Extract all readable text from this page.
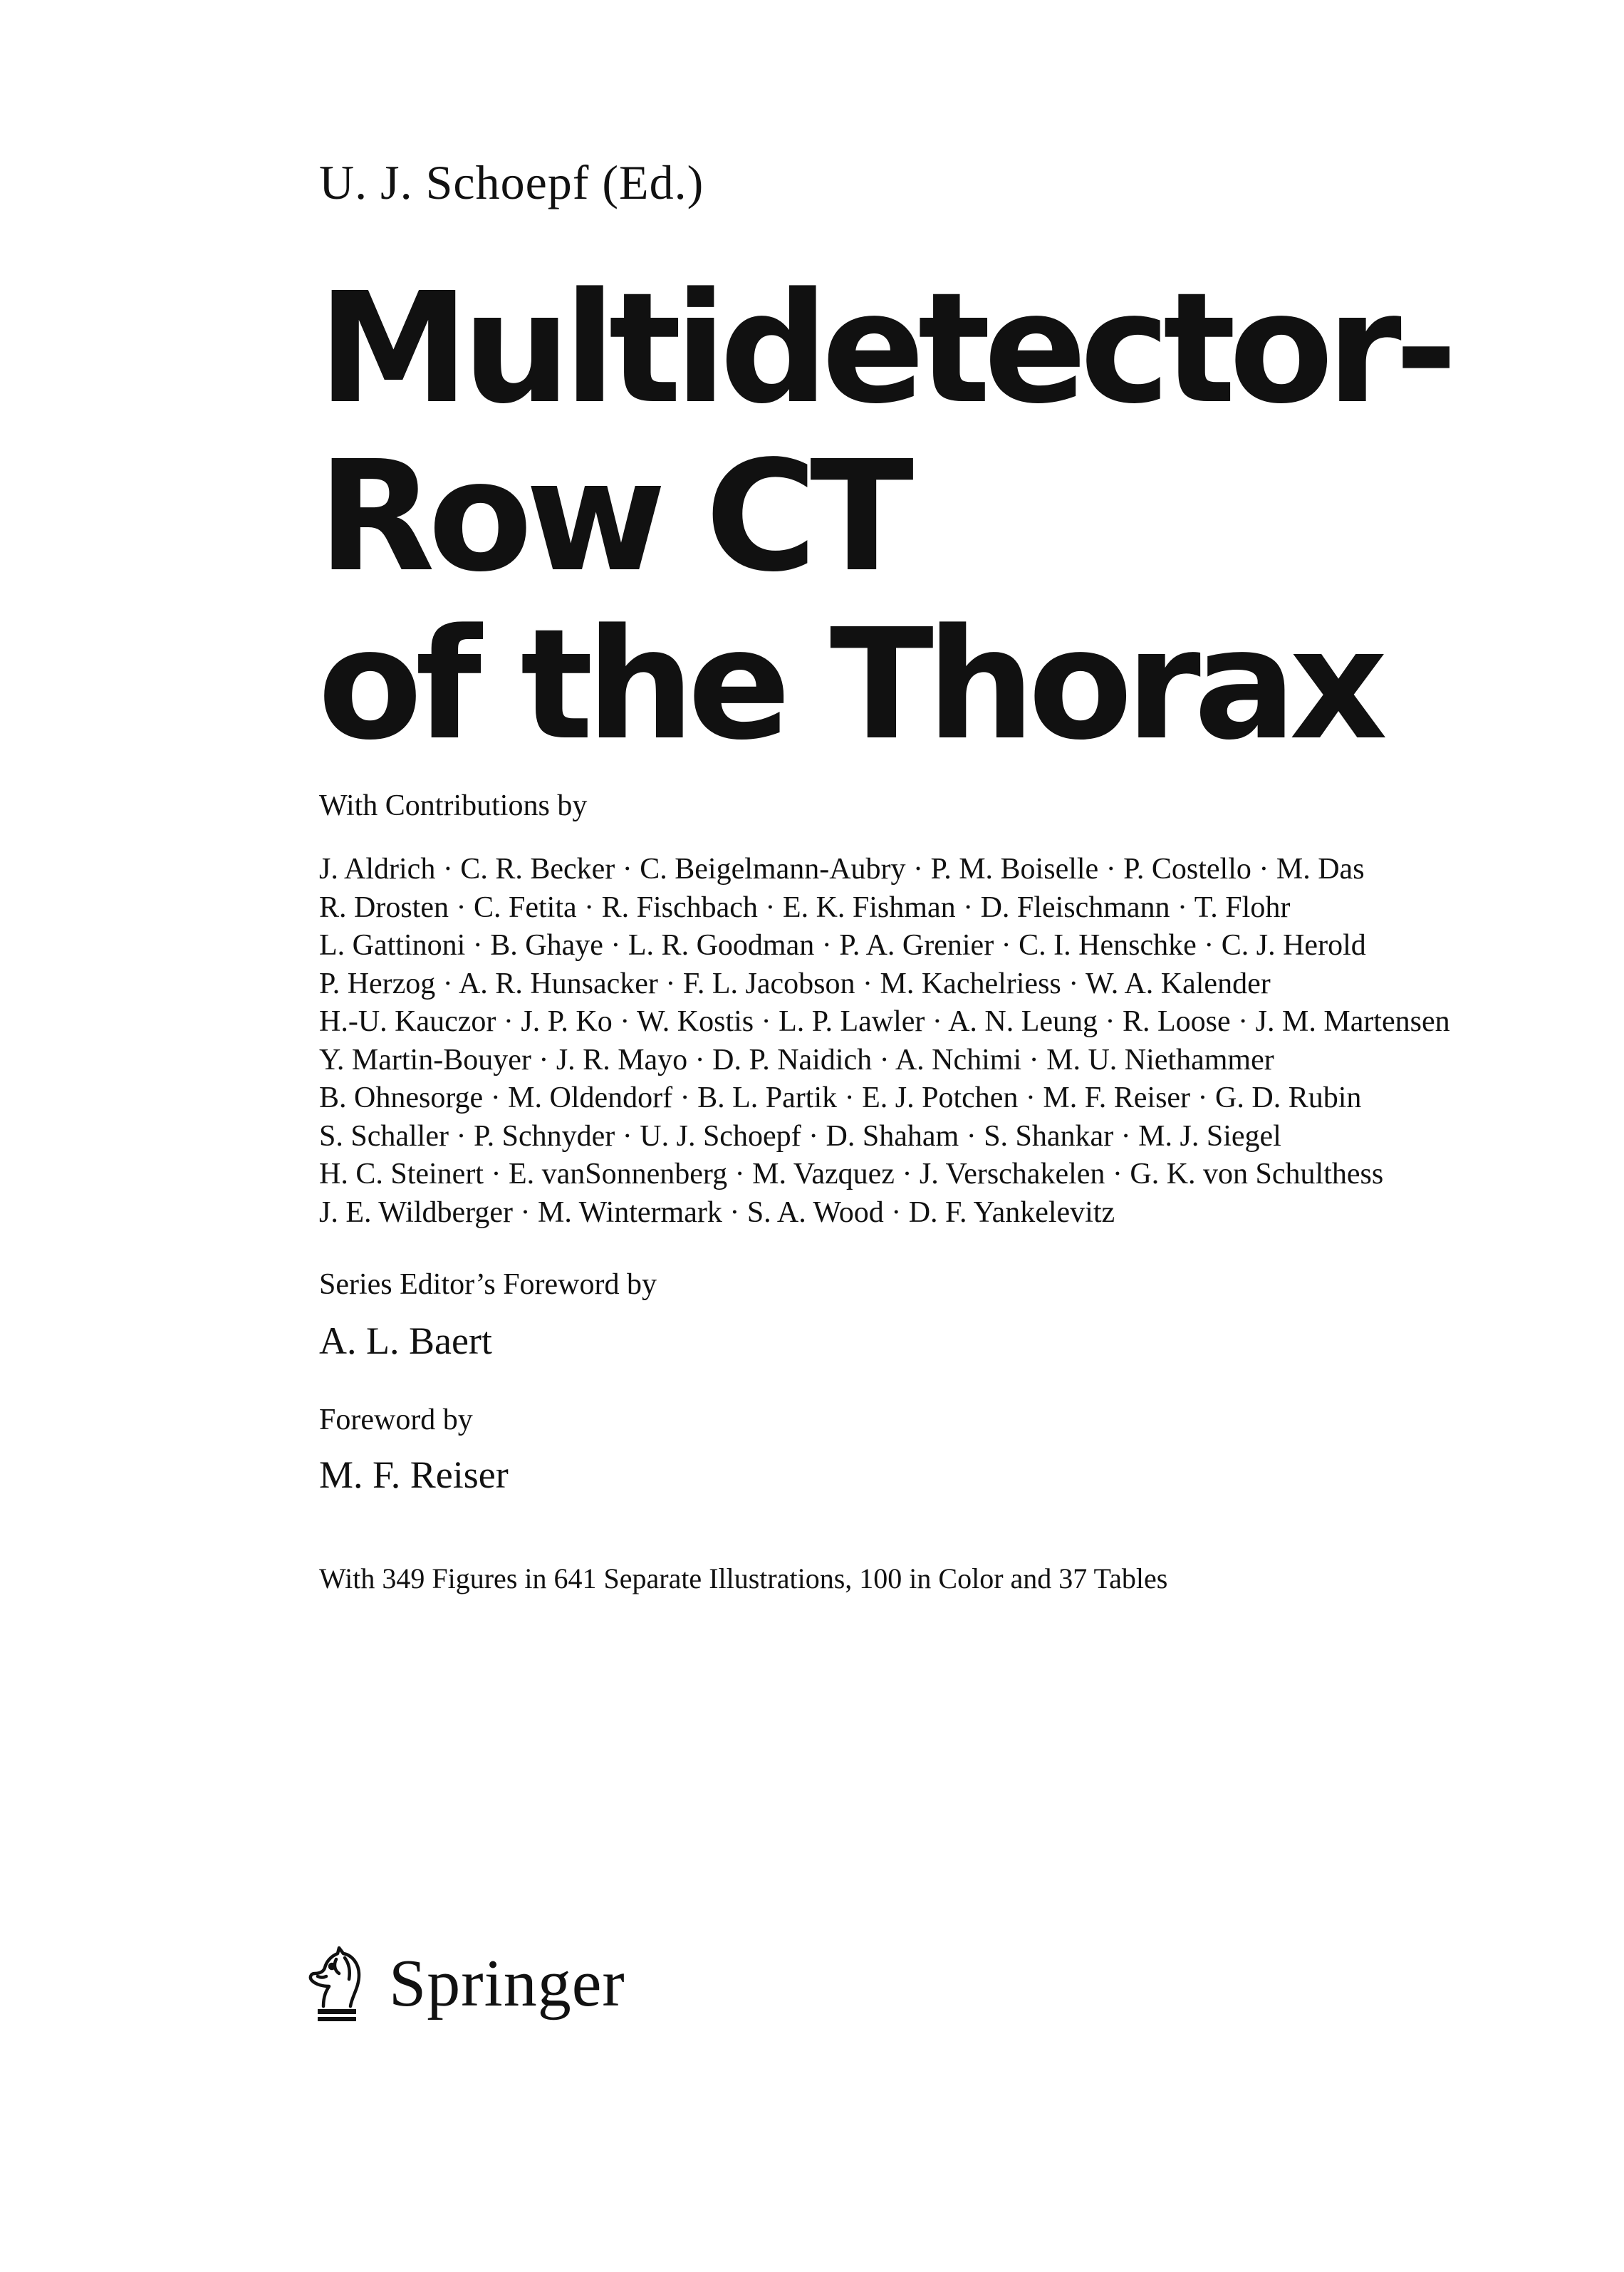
U. J. Schoepf (Ed.)
Multidetector-
Row CT
of the Thorax
With Contributions by
J. Aldrich · C. R. Becker · C. Beigelmann-Aubry · P. M. Boiselle · P. Costello · M. Das
R. Drosten · C. Fetita · R. Fischbach · E. K. Fishman · D. Fleischmann · T. Flohr
L. Gattinoni · B. Ghaye · L. R. Goodman · P. A. Grenier · C. I. Henschke · C. J. Herold
P. Herzog · A. R. Hunsacker · F. L. Jacobson · M. Kachelriess · W. A. Kalender
H.-U. Kauczor · J. P. Ko · W. Kostis · L. P. Lawler · A. N. Leung · R. Loose · J. M. Martensen
Y. Martin-Bouyer · J. R. Mayo · D. P. Naidich · A. Nchimi · M. U. Niethammer
B. Ohnesorge · M. Oldendorf · B. L. Partik · E. J. Potchen · M. F. Reiser · G. D. Rubin
S. Schaller · P. Schnyder · U. J. Schoepf · D. Shaham · S. Shankar · M. J. Siegel
H. C. Steinert · E. vanSonnenberg · M. Vazquez · J. Verschakelen · G. K. von Schulthess
J. E. Wildberger · M. Wintermark · S. A. Wood · D. F. Yankelevitz
Series Editor’s Foreword by
A. L. Baert
Foreword by
M. F. Reiser
With 349 Figures in 641 Separate Illustrations, 100 in Color and 37 Tables
Springer
